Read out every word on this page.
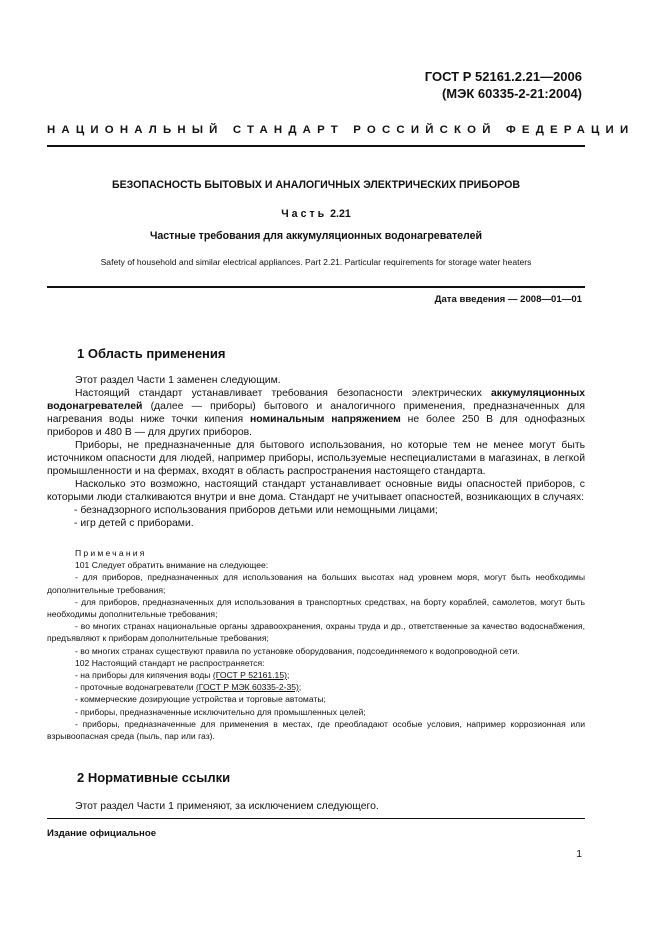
ГОСТ Р 52161.2.21—2006
(МЭК 60335-2-21:2004)
НАЦИОНАЛЬНЫЙ СТАНДАРТ РОССИЙСКОЙ ФЕДЕРАЦИИ
БЕЗОПАСНОСТЬ БЫТОВЫХ И АНАЛОГИЧНЫХ ЭЛЕКТРИЧЕСКИХ ПРИБОРОВ
Часть 2.21
Частные требования для аккумуляционных водонагревателей
Safety of household and similar electrical appliances. Part 2.21. Particular requirements for storage water heaters
Дата введения — 2008—01—01
1 Область применения

Этот раздел Части 1 заменен следующим.

Настоящий стандарт устанавливает требования безопасности электрических аккумуляционных водонагревателей (далее — приборы) бытового и аналогичного применения, предназначенных для нагревания воды ниже точки кипения номинальным напряжением не более 250 В для однофазных приборов и 480 В — для других приборов.

Приборы, не предназначенные для бытового использования, но которые тем не менее могут быть источником опасности для людей, например приборы, используемые неспециалистами в магазинах, в легкой промышленности и на фермах, входят в область распространения настоящего стандарта.

Насколько это возможно, настоящий стандарт устанавливает основные виды опасностей приборов, с которыми люди сталкиваются внутри и вне дома. Стандарт не учитывает опасностей, возникающих в случаях:

- безнадзорного использования приборов детьми или немощными лицами;

- игр детей с приборами.

Примечания

101 Следует обратить внимание на следующее:

- для приборов, предназначенных для использования на больших высотах над уровнем моря, могут быть необходимы дополнительные требования;

- для приборов, предназначенных для использования в транспортных средствах, на борту кораблей, самолетов, могут быть необходимы дополнительные требования;

- во многих странах национальные органы здравоохранения, охраны труда и др., ответственные за качество водоснабжения, предъявляют к приборам дополнительные требования;

- во многих странах существуют правила по установке оборудования, подсоединяемого к водопроводной сети.

102 Настоящий стандарт не распространяется:

- на приборы для кипячения воды (ГОСТ Р 52161.15);

- проточные водонагреватели (ГОСТ Р МЭК 60335-2-35);

- коммерческие дозирующие устройства и торговые автоматы;

- приборы, предназначенные исключительно для промышленных целей;

- приборы, предназначенные для применения в местах, где преобладают особые условия, например коррозионная или взрывоопасная среда (пыль, пар или газ).

2 Нормативные ссылки

Этот раздел Части 1 применяют, за исключением следующего.

Издание официальное
1
